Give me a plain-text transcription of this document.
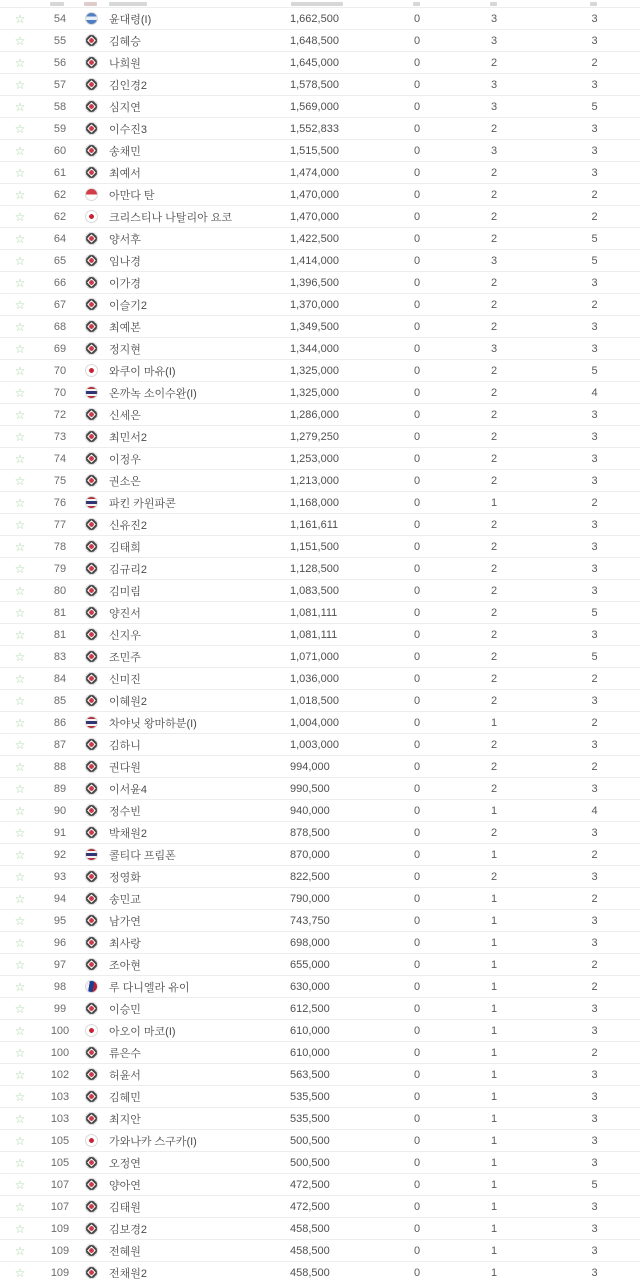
☆	54	윤대령(I)	1,662,500	0	3	3
☆	55	김혜승	1,648,500	0	3	3
☆	56	나희원	1,645,000	0	2	2
☆	57	김인경2	1,578,500	0	3	3
☆	58	심지연	1,569,000	0	3	5
☆	59	이수진3	1,552,833	0	2	3
☆	60	송채민	1,515,500	0	3	3
☆	61	최예서	1,474,000	0	2	3
☆	62	아만다 탄	1,470,000	0	2	2
☆	62	크리스티나 나탈리아 요코	1,470,000	0	2	2
☆	64	양서후	1,422,500	0	2	5
☆	65	임나경	1,414,000	0	3	5
☆	66	이가경	1,396,500	0	2	3
☆	67	이슬기2	1,370,000	0	2	2
☆	68	최예본	1,349,500	0	2	3
☆	69	정지현	1,344,000	0	3	3
☆	70	와쿠이 마유(I)	1,325,000	0	2	5
☆	70	온까녹 소이수완(I)	1,325,000	0	2	4
☆	72	신세은	1,286,000	0	2	3
☆	73	최민서2	1,279,250	0	2	3
☆	74	이정우	1,253,000	0	2	3
☆	75	권소은	1,213,000	0	2	3
☆	76	파킨 카윈파콘	1,168,000	0	1	2
☆	77	신유진2	1,161,611	0	2	3
☆	78	김태희	1,151,500	0	2	3
☆	79	김규리2	1,128,500	0	2	3
☆	80	김미림	1,083,500	0	2	3
☆	81	양진서	1,081,111	0	2	5
☆	81	신지우	1,081,111	0	2	3
☆	83	조민주	1,071,000	0	2	5
☆	84	신미진	1,036,000	0	2	2
☆	85	이혜원2	1,018,500	0	2	3
☆	86	차야닛 왕마하분(I)	1,004,000	0	1	2
☆	87	김하니	1,003,000	0	2	3
☆	88	권다원	994,000	0	2	2
☆	89	이서윤4	990,500	0	2	3
☆	90	정수빈	940,000	0	1	4
☆	91	박채원2	878,500	0	2	3
☆	92	콜티다 프림폰	870,000	0	1	2
☆	93	정영화	822,500	0	2	3
☆	94	송민교	790,000	0	1	2
☆	95	남가연	743,750	0	1	3
☆	96	최사랑	698,000	0	1	3
☆	97	조아현	655,000	0	1	2
☆	98	루 다니엘라 유이	630,000	0	1	2
☆	99	이승민	612,500	0	1	3
☆	100	아오이 마코(I)	610,000	0	1	3
☆	100	류은수	610,000	0	1	2
☆	102	허윤서	563,500	0	1	3
☆	103	김혜민	535,500	0	1	3
☆	103	최지안	535,500	0	1	3
☆	105	가와나카 스구카(I)	500,500	0	1	3
☆	105	오정연	500,500	0	1	3
☆	107	양아연	472,500	0	1	5
☆	107	김태원	472,500	0	1	3
☆	109	김보경2	458,500	0	1	3
☆	109	전혜원	458,500	0	1	3
☆	109	전채원2	458,500	0	1	3
